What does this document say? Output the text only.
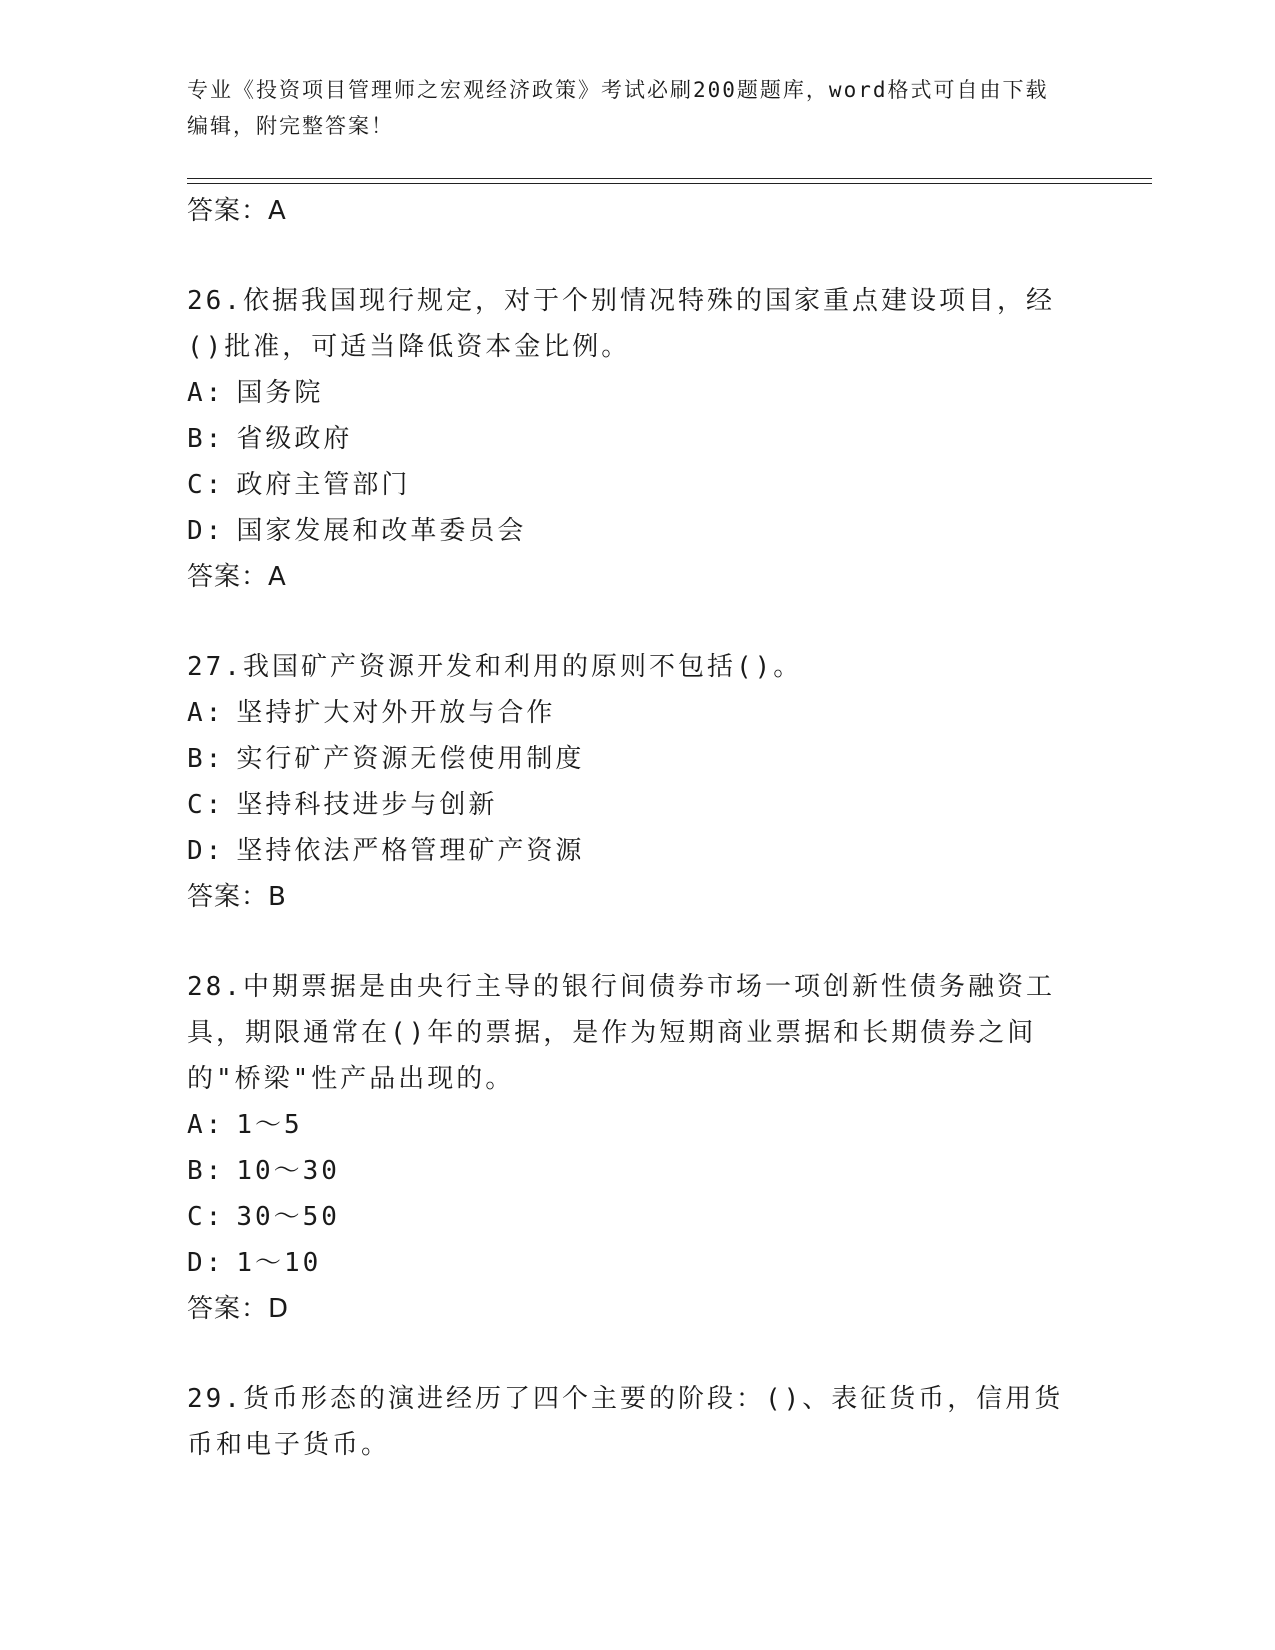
专业《投资项目管理师之宏观经济政策》考试必刷200题题库，word格式可自由下载编辑，附完整答案！

答案：A

26.依据我国现行规定，对于个别情况特殊的国家重点建设项目，经()批准，可适当降低资本金比例。

A: 国务院

B: 省级政府

C: 政府主管部门

D: 国家发展和改革委员会

答案：A

27.我国矿产资源开发和利用的原则不包括()。

A: 坚持扩大对外开放与合作

B: 实行矿产资源无偿使用制度

C: 坚持科技进步与创新

D: 坚持依法严格管理矿产资源

答案：B

28.中期票据是由央行主导的银行间债券市场一项创新性债务融资工具，期限通常在()年的票据，是作为短期商业票据和长期债券之间的"桥梁"性产品出现的。

A: 1～5

B: 10～30

C: 30～50

D: 1～10

答案：D

29.货币形态的演进经历了四个主要的阶段：()、表征货币，信用货币和电子货币。
